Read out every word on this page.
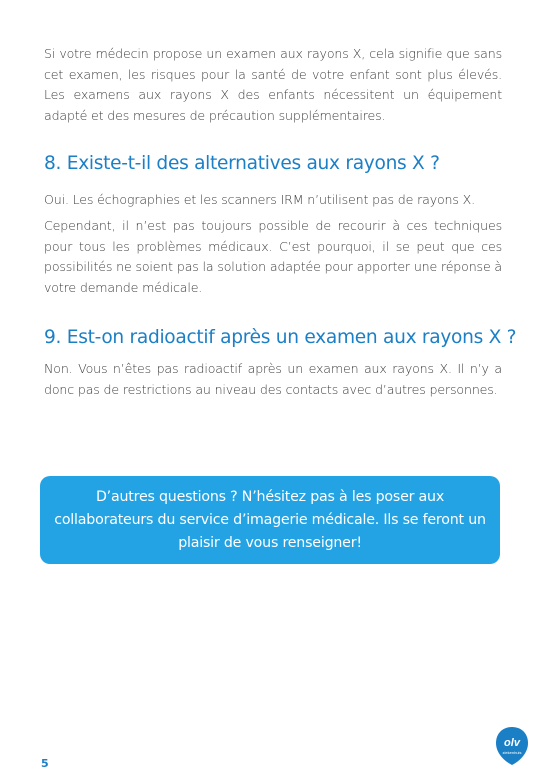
Si votre médecin propose un examen aux rayons X, cela signifie que sans cet examen, les risques pour la santé de votre enfant sont plus élevés. Les examens aux rayons X des enfants nécessitent un équipement adapté et des mesures de précaution supplémentaires.

8. Existe-t-il des alternatives aux rayons X ?

Oui. Les échographies et les scanners IRM n’utilisent pas de rayons X.

Cependant, il n’est pas toujours possible de recourir à ces techniques pour tous les problèmes médicaux. C’est pourquoi, il se peut que ces possibilités ne soient pas la solution adaptée pour apporter une réponse à votre demande médicale.

9. Est-on radioactif après un examen aux rayons X ?

Non. Vous n’êtes pas radioactif après un examen aux rayons X. Il n’y a donc pas de restrictions au niveau des contacts avec d’autres personnes.

D’autres questions ? N’hésitez pas à les poser aux collaborateurs du service d’imagerie médicale. Ils se feront un plaisir de vous renseigner!
5
olv
ziekenhuis
